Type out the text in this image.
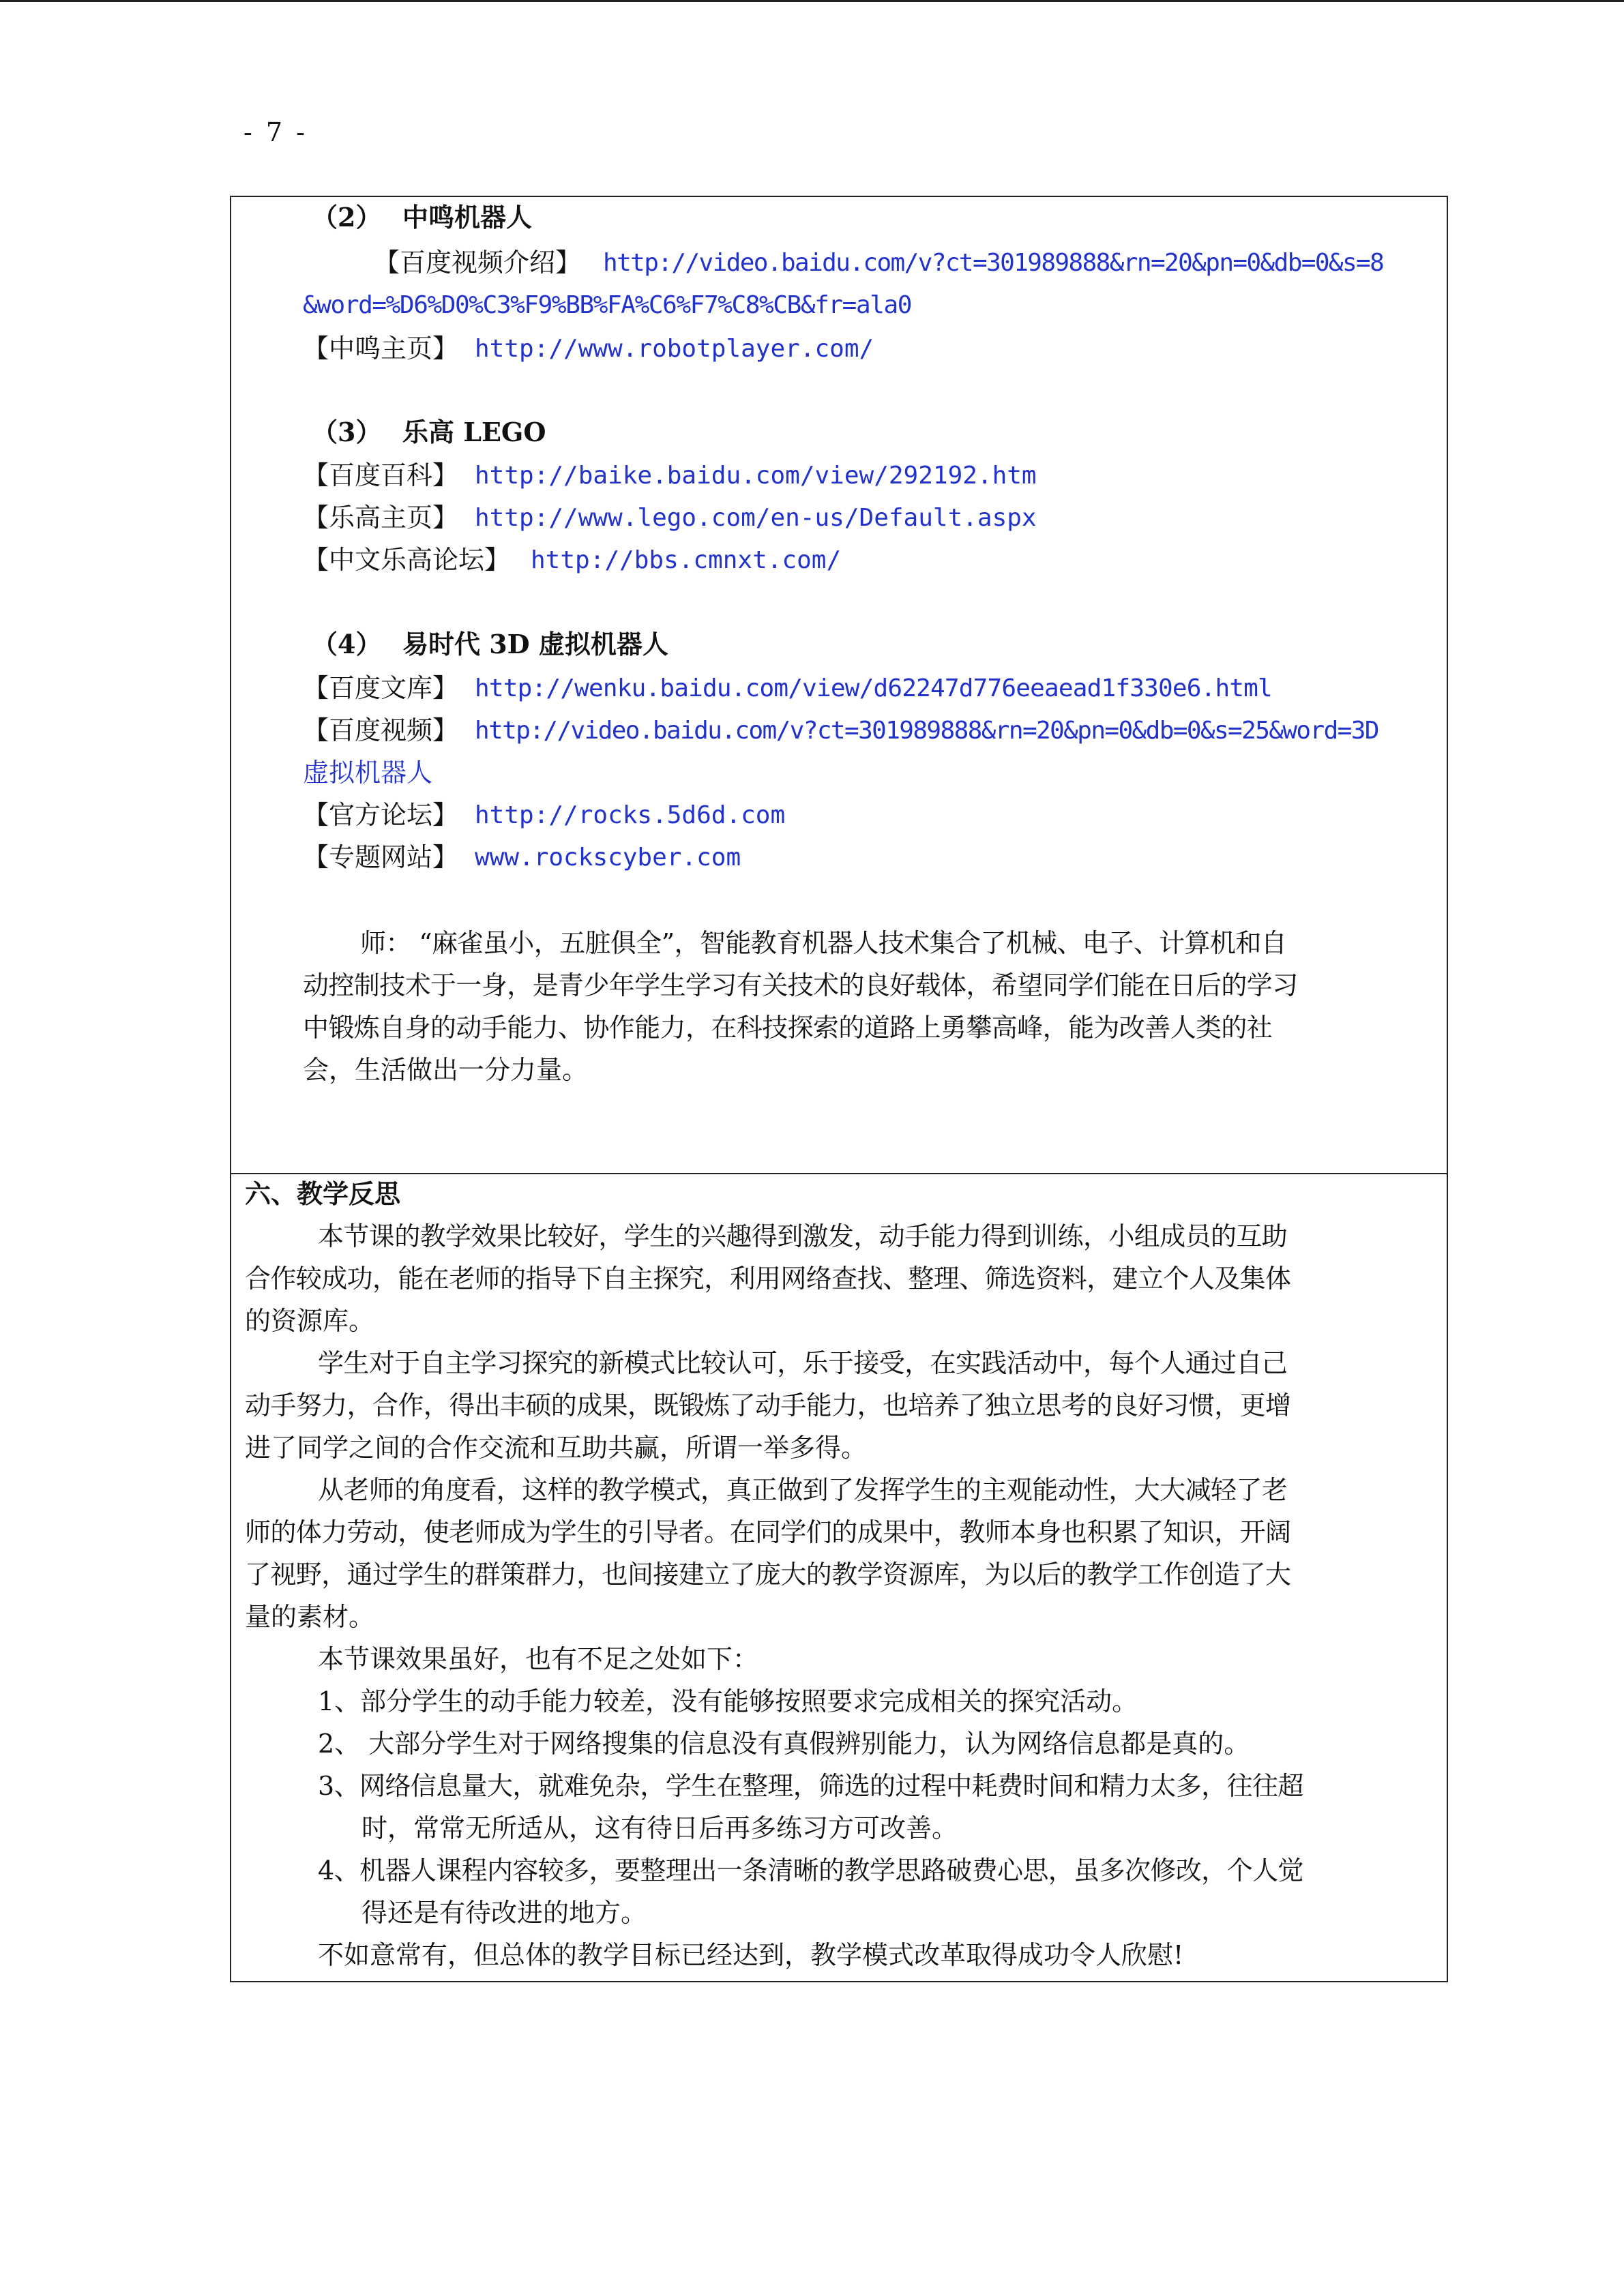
- 7 -
（2） 中鸣机器人
【百度视频介绍】 http://video.baidu.com/v?ct=301989888&rn=20&pn=0&db=0&s=8
&word=%D6%D0%C3%F9%BB%FA%C6%F7%C8%CB&fr=ala0
【中鸣主页】 http://www.robotplayer.com/
（3） 乐高 LEGO
【百度百科】 http://baike.baidu.com/view/292192.htm
【乐高主页】 http://www.lego.com/en-us/Default.aspx
【中文乐高论坛】 http://bbs.cmnxt.com/
（4） 易时代 3D 虚拟机器人
【百度文库】 http://wenku.baidu.com/view/d62247d776eeaead1f330e6.html
【百度视频】 http://video.baidu.com/v?ct=301989888&rn=20&pn=0&db=0&s=25&word=3D
虚拟机器人
【官方论坛】 http://rocks.5d6d.com
【专题网站】 www.rockscyber.com
师： “麻雀虽小，五脏俱全”，智能教育机器人技术集合了机械、电子、计算机和自
动控制技术于一身，是青少年学生学习有关技术的良好载体，希望同学们能在日后的学习
中锻炼自身的动手能力、协作能力，在科技探索的道路上勇攀高峰，能为改善人类的社
会，生活做出一分力量。
六、教学反思
本节课的教学效果比较好，学生的兴趣得到激发，动手能力得到训练，小组成员的互助
合作较成功，能在老师的指导下自主探究，利用网络查找、整理、筛选资料，建立个人及集体
的资源库。
学生对于自主学习探究的新模式比较认可，乐于接受，在实践活动中，每个人通过自己
动手努力，合作，得出丰硕的成果，既锻炼了动手能力，也培养了独立思考的良好习惯，更增
进了同学之间的合作交流和互助共赢，所谓一举多得。
从老师的角度看，这样的教学模式，真正做到了发挥学生的主观能动性，大大减轻了老
师的体力劳动，使老师成为学生的引导者。在同学们的成果中，教师本身也积累了知识，开阔
了视野，通过学生的群策群力，也间接建立了庞大的教学资源库，为以后的教学工作创造了大
量的素材。
本节课效果虽好，也有不足之处如下：
1、部分学生的动手能力较差，没有能够按照要求完成相关的探究活动。
2、 大部分学生对于网络搜集的信息没有真假辨别能力，认为网络信息都是真的。
3、网络信息量大，就难免杂，学生在整理，筛选的过程中耗费时间和精力太多，往往超
时，常常无所适从，这有待日后再多练习方可改善。
4、机器人课程内容较多，要整理出一条清晰的教学思路破费心思，虽多次修改，个人觉
得还是有待改进的地方。
不如意常有，但总体的教学目标已经达到，教学模式改革取得成功令人欣慰!
